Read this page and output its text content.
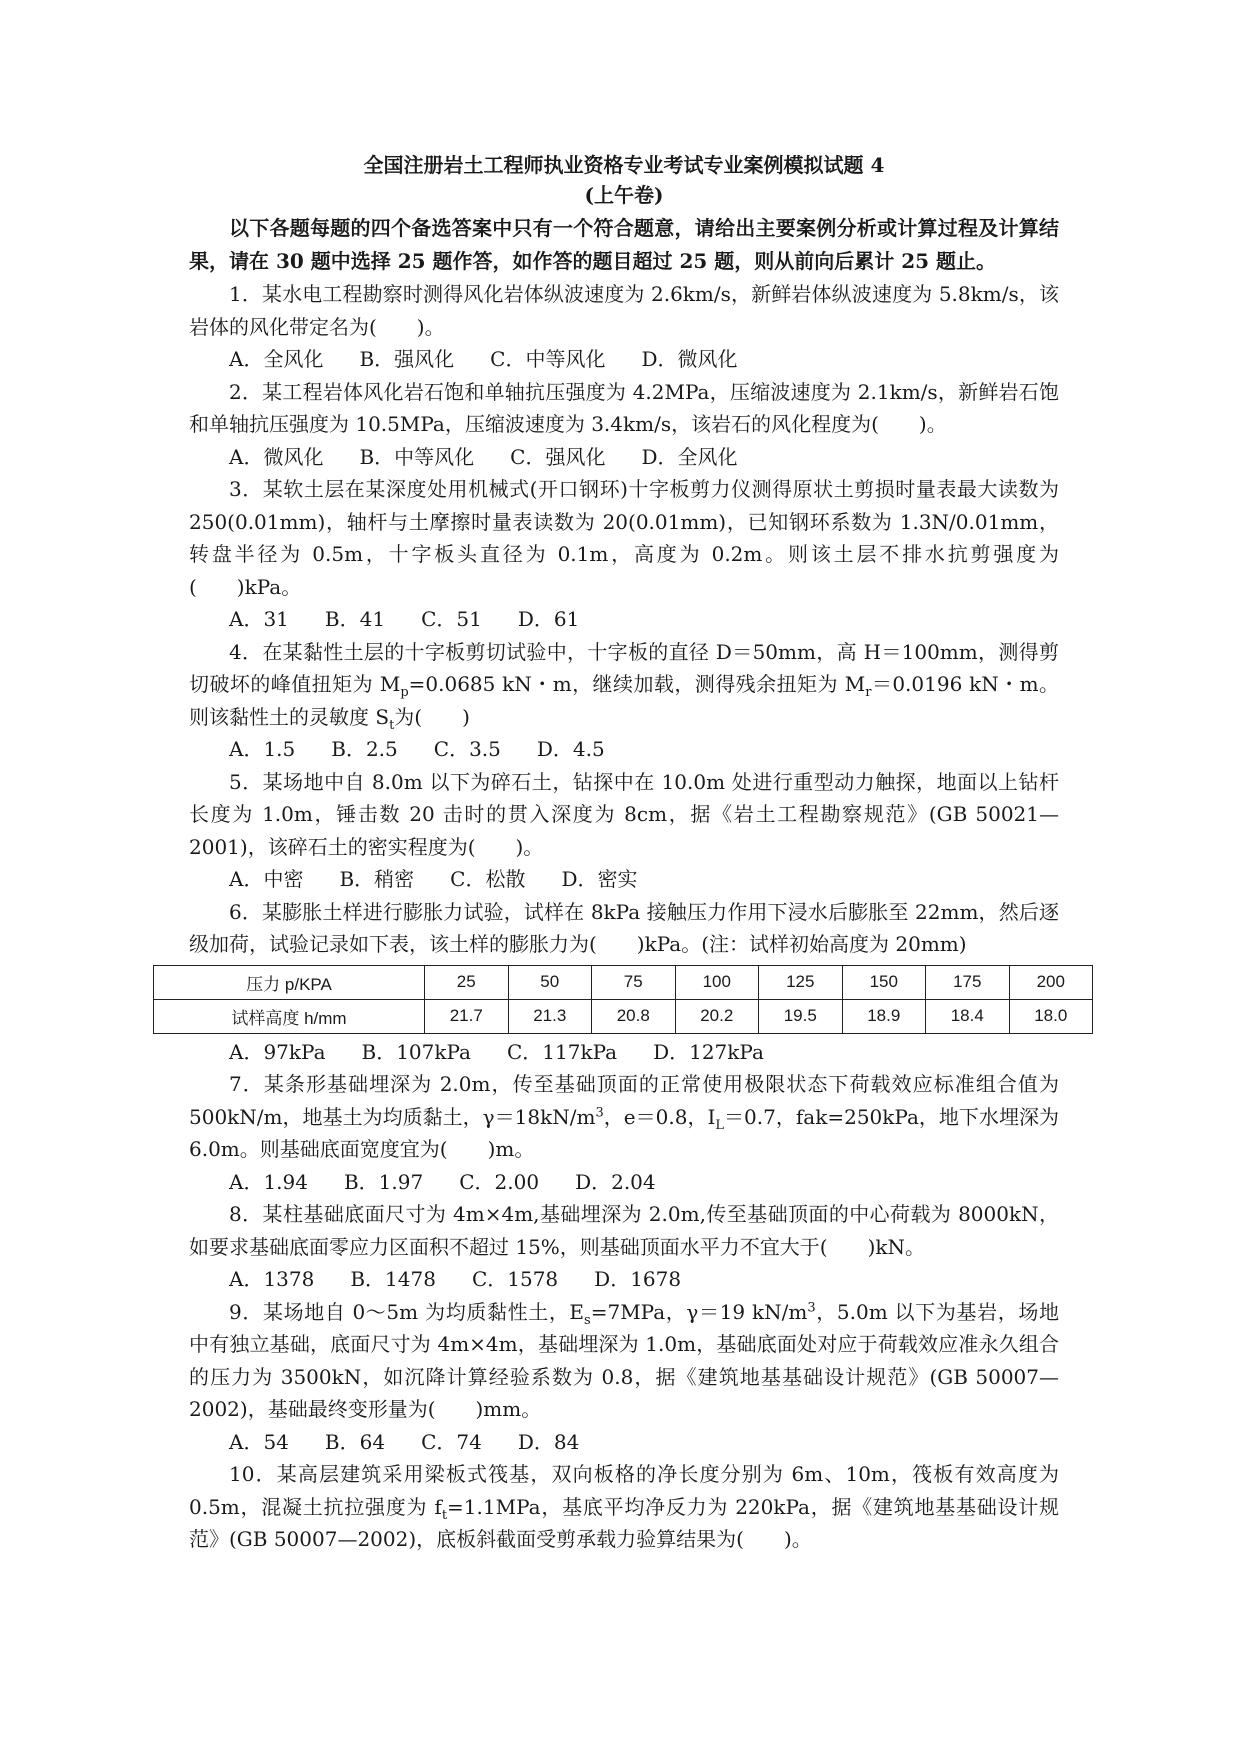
全国注册岩土工程师执业资格专业考试专业案例模拟试题 4
(上午卷)

以下各题每题的四个备选答案中只有一个符合题意，请给出主要案例分析或计算过程及计算结果，请在 30 题中选择 25 题作答，如作答的题目超过 25 题，则从前向后累计 25 题止。

1．某水电工程勘察时测得风化岩体纵波速度为 2.6km/s，新鲜岩体纵波速度为 5.8km/s，该岩体的风化带定名为(　　)。

A．全风化 B．强风化 C．中等风化 D．微风化

2．某工程岩体风化岩石饱和单轴抗压强度为 4.2MPa，压缩波速度为 2.1km/s，新鲜岩石饱和单轴抗压强度为 10.5MPa，压缩波速度为 3.4km/s，该岩石的风化程度为(　　)。

A．微风化 B．中等风化 C．强风化 D．全风化

3．某软土层在某深度处用机械式(开口钢环)十字板剪力仪测得原状土剪损时量表最大读数为 250(0.01mm)，轴杆与土摩擦时量表读数为 20(0.01mm)，已知钢环系数为 1.3N/0.01mm，转盘半径为 0.5m，十字板头直径为 0.1m，高度为 0.2m。则该土层不排水抗剪强度为(　　)kPa。

A．31 B．41 C．51 D．61

4．在某黏性土层的十字板剪切试验中，十字板的直径 D＝50mm，高 H＝100mm，测得剪切破坏的峰值扭矩为 $M_p=0.0685$ kN・m，继续加载，测得残余扭矩为 $M_r=0.0196$ kN・m。则该黏性土的灵敏度 $S_t$为(　　)

A．1.5 B．2.5 C．3.5 D．4.5

5．某场地中自 8.0m 以下为碎石土，钻探中在 10.0m 处进行重型动力触探，地面以上钻杆长度为 1.0m，锤击数 20 击时的贯入深度为 8cm，据《岩土工程勘察规范》(GB 50021—2001)，该碎石土的密实程度为(　　)。

A．中密 B．稍密 C．松散 D．密实

6．某膨胀土样进行膨胀力试验，试样在 8kPa 接触压力作用下浸水后膨胀至 22mm，然后逐级加荷，试验记录如下表，该土样的膨胀力为(　　)kPa。(注：试样初始高度为 20mm)

压力 p/KPA	25	50	75	100	125	150	175	200
试样高度 h/mm	21.7	21.3	20.8	20.2	19.5	18.9	18.4	18.0

A．97kPa B．107kPa C．117kPa D．127kPa

7．某条形基础埋深为 2.0m，传至基础顶面的正常使用极限状态下荷载效应标准组合值为 500kN/m，地基土为均质黏土，$\gamma=18kN/m^3$，e＝0.8，$I_L=0.7$，fak=250kPa，地下水埋深为 6.0m。则基础底面宽度宜为(　　)m。

A．1.94 B．1.97 C．2.00 D．2.04

8．某柱基础底面尺寸为 4m×4m,基础埋深为 2.0m,传至基础顶面的中心荷载为 8000kN，如要求基础底面零应力区面积不超过 15%，则基础顶面水平力不宜大于(　　)kN。

A．1378 B．1478 C．1578 D．1678

9．某场地自 0～5m 为均质黏性土，$E_s=7MPa$，γ＝19 $kN/m^3$，5.0m 以下为基岩，场地中有独立基础，底面尺寸为 4m×4m，基础埋深为 1.0m，基础底面处对应于荷载效应准永久组合的压力为 3500kN，如沉降计算经验系数为 0.8，据《建筑地基基础设计规范》(GB 50007—2002)，基础最终变形量为(　　)mm。

A．54 B．64 C．74 D．84

10．某高层建筑采用梁板式筏基，双向板格的净长度分别为 6m、10m，筏板有效高度为 0.5m，混凝土抗拉强度为 $f_t=1.1MPa$，基底平均净反力为 220kPa，据《建筑地基基础设计规范》(GB 50007—2002)，底板斜截面受剪承载力验算结果为(　　)。
